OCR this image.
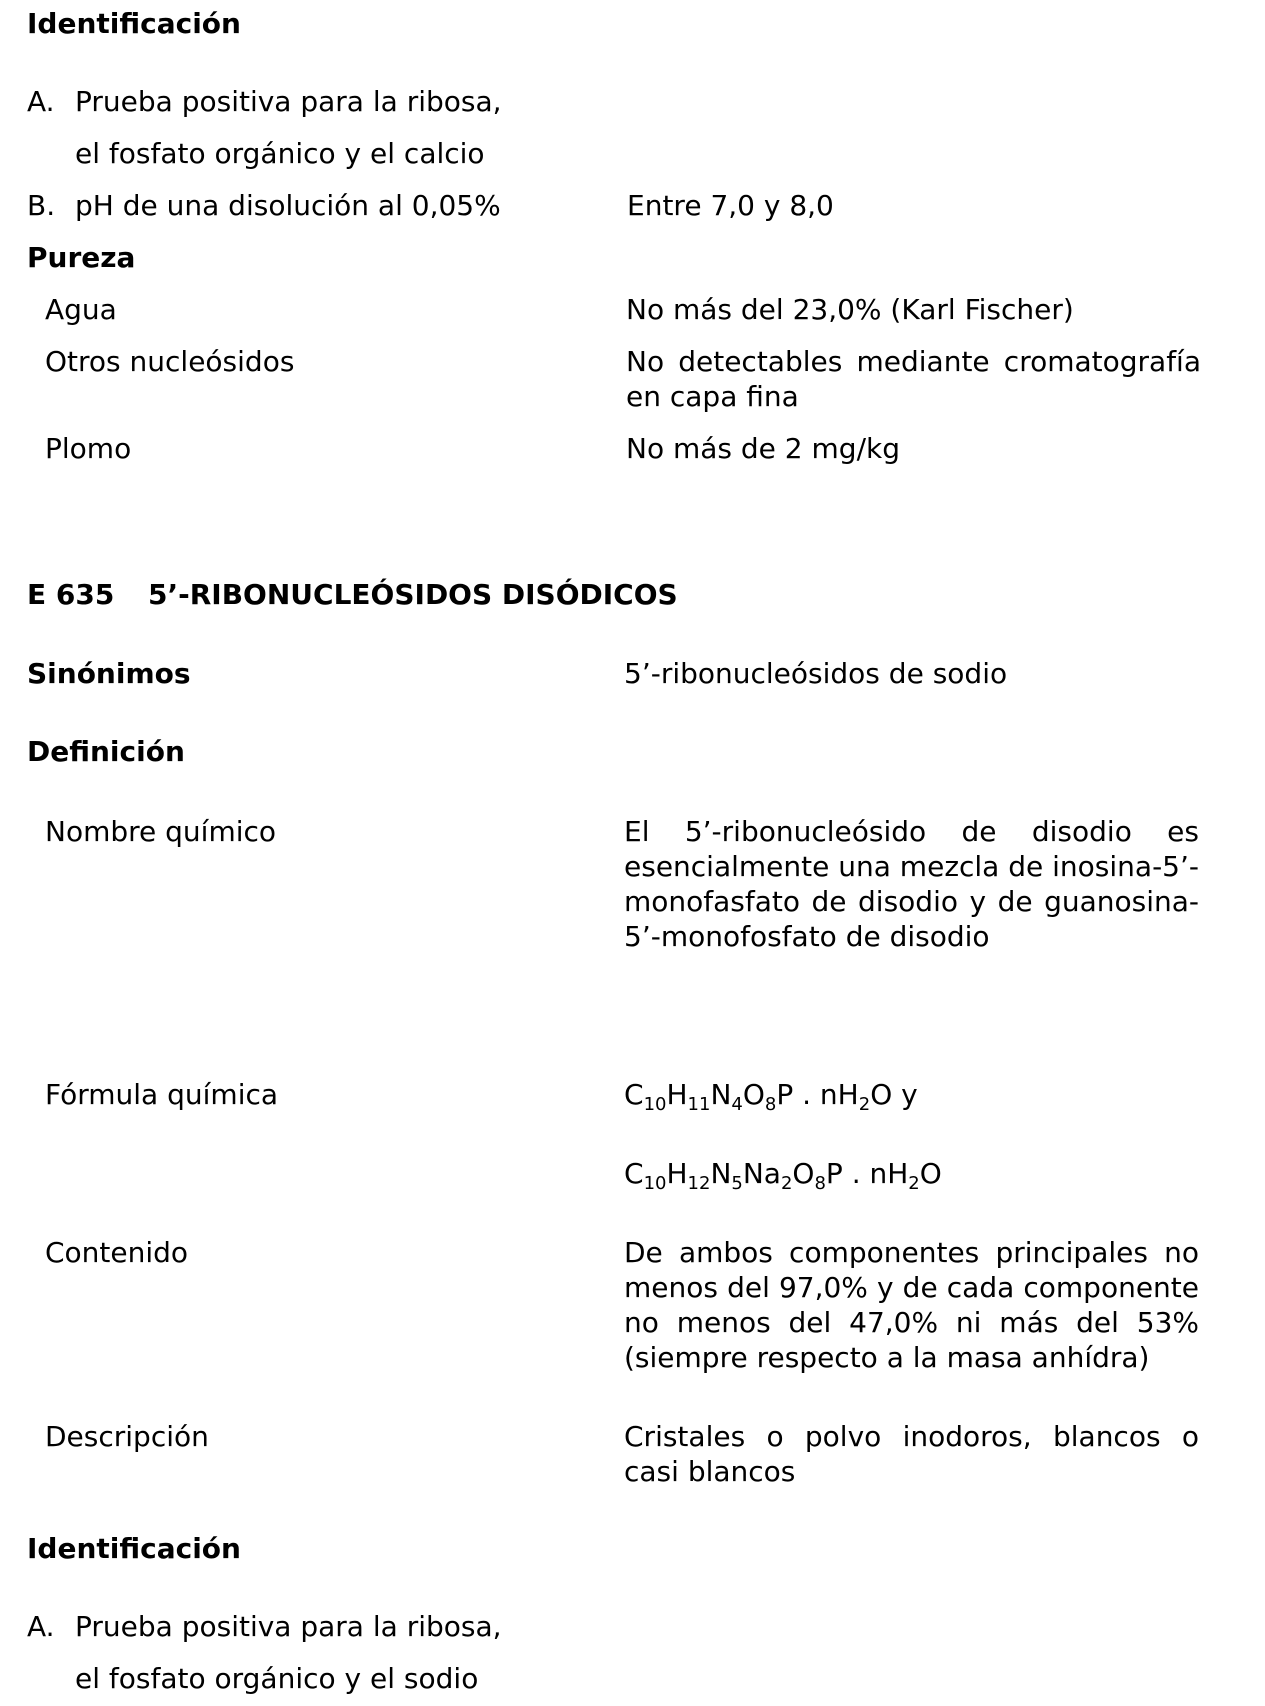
Identificación
A. Prueba positiva para la ribosa,
el fosfato orgánico y el calcio
B. pH de una disolución al 0,05%	Entre 7,0 y 8,0
Pureza
Agua	No más del 23,0% (Karl Fischer)
Otros nucleósidos	No detectables mediante cromatografía en capa fina
Plomo	No más de 2 mg/kg
E 635 5’-RIBONUCLEÓSIDOS DISÓDICOS
Sinónimos	5’-ribonucleósidos de sodio
Definición
Nombre químico	El 5’-ribonucleósido de disodio es esencialmente una mezcla de inosina-5’-monofasfato de disodio y de guanosina-5’-monofosfato de disodio
Fórmula química	$C_{10}H_{11}N_4O_8P$ . $nH_2O$ y
$C_{10}H_{12}N_5Na_2O_8P$ . $nH_2O$
Contenido	De ambos componentes principales no menos del 97,0% y de cada componente no menos del 47,0% ni más del 53% (siempre respecto a la masa anhídra)
Descripción	Cristales o polvo inodoros, blancos o casi blancos
Identificación
A. Prueba positiva para la ribosa,
el fosfato orgánico y el sodio
